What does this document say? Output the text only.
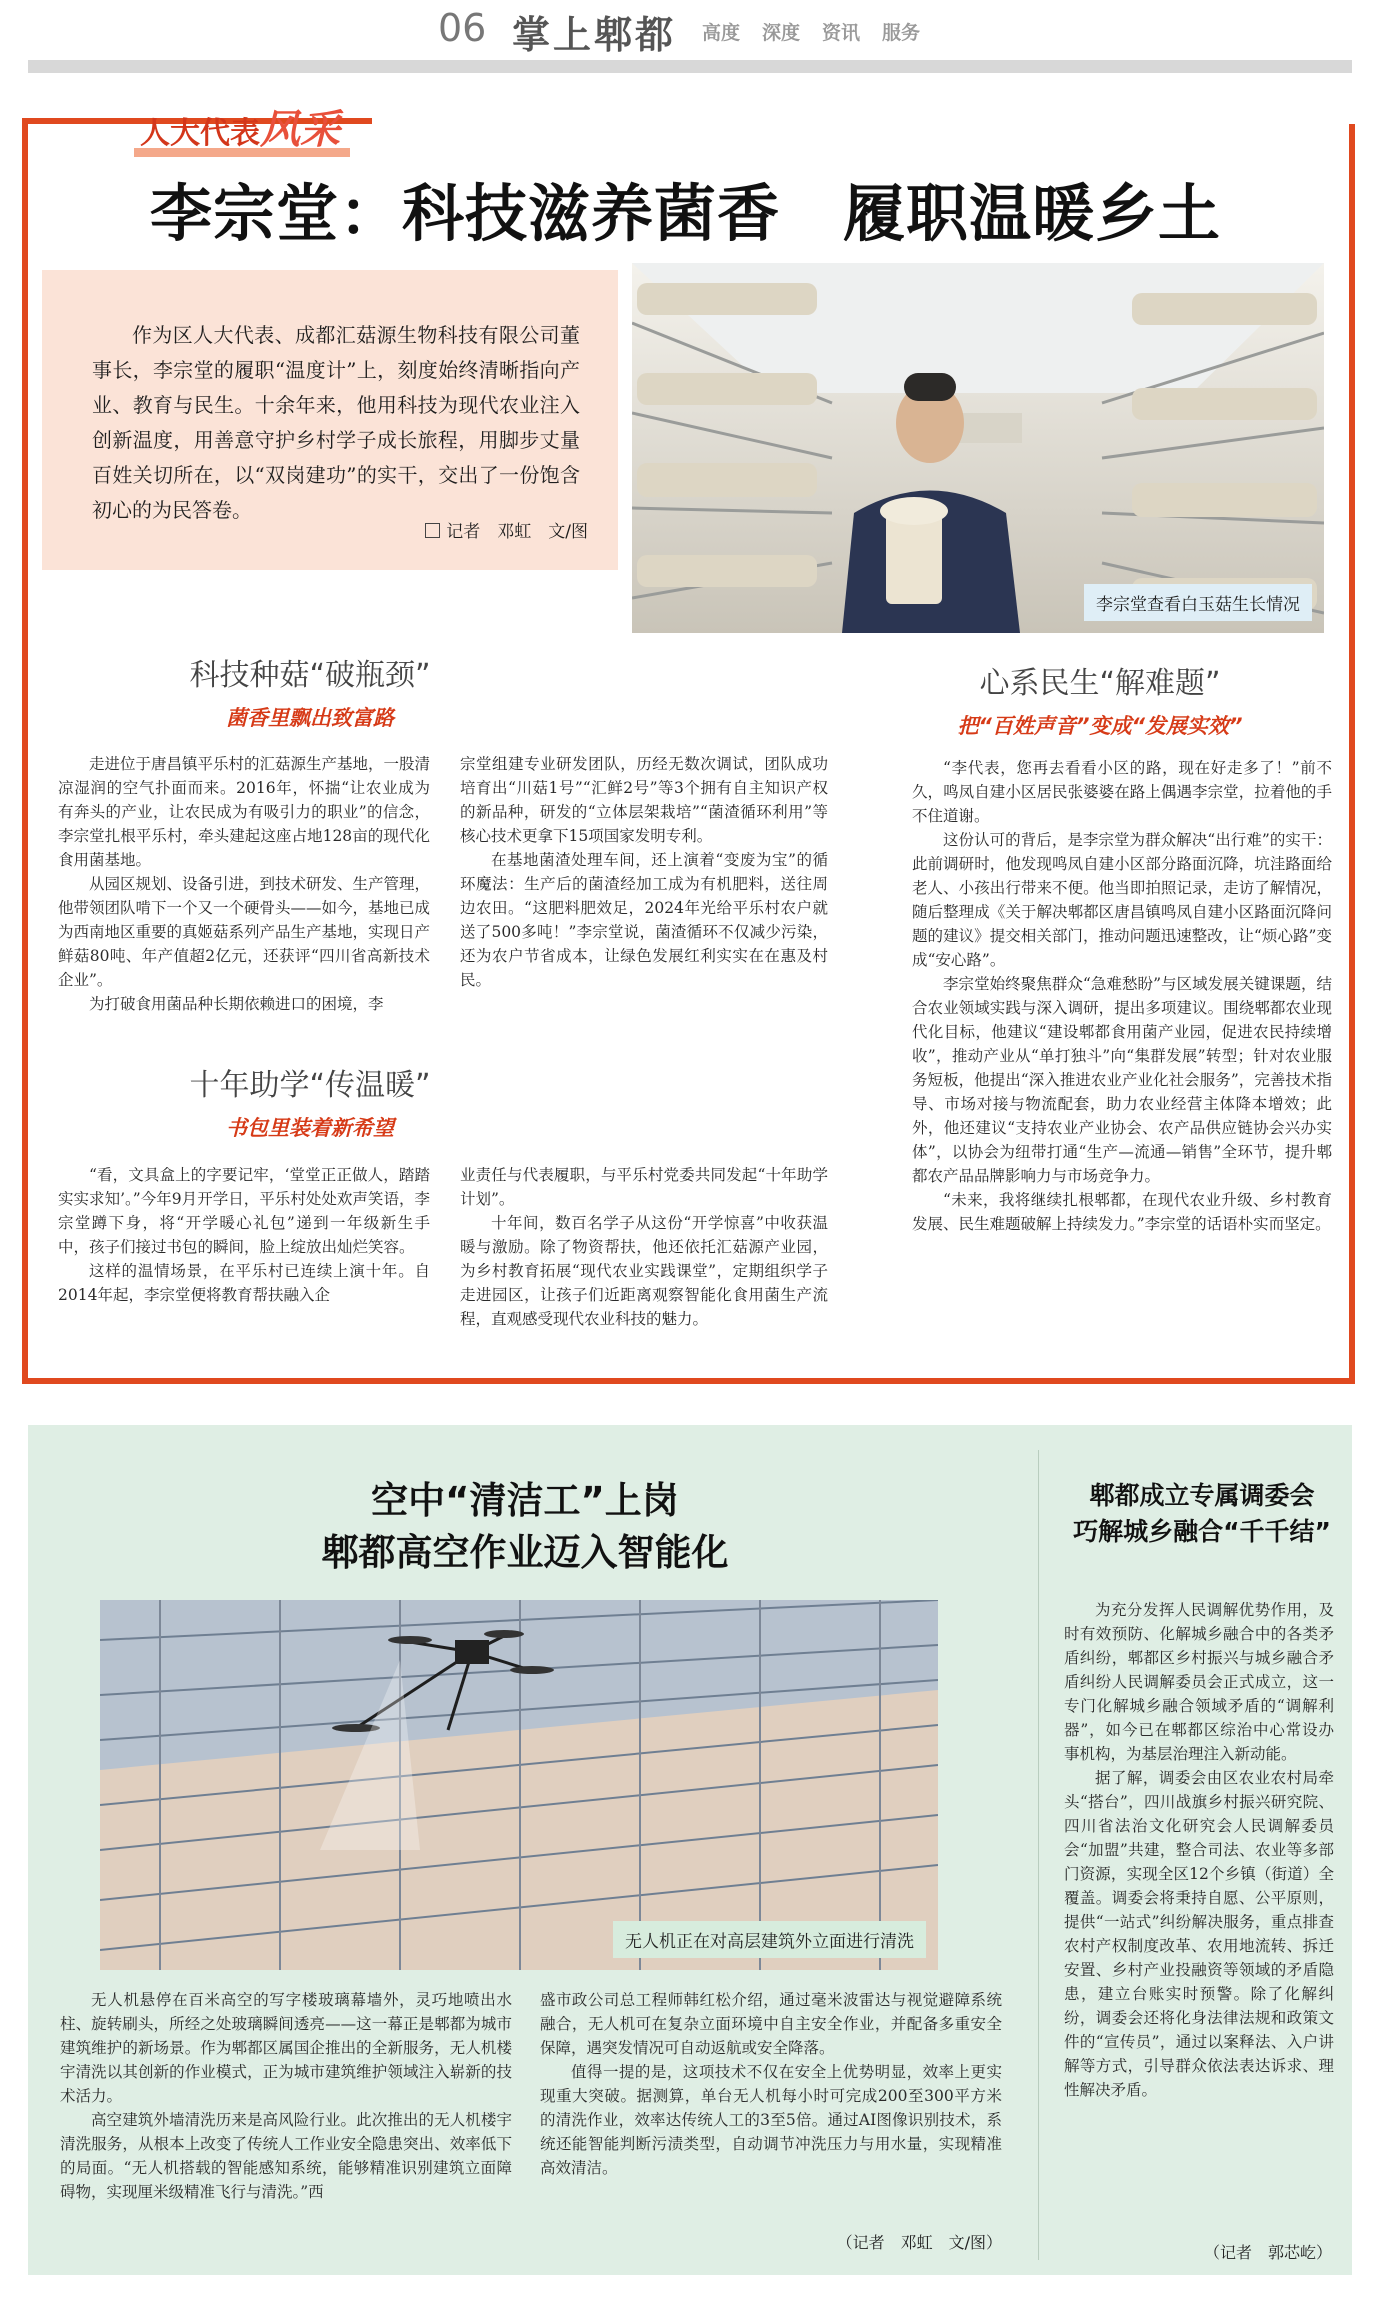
06 掌上郫都 高度 深度 资讯 服务
人大代表风采
李宗堂：科技滋养菌香　履职温暖乡土

作为区人大代表、成都汇菇源生物科技有限公司董事长，李宗堂的履职“温度计”上，刻度始终清晰指向产业、教育与民生。十余年来，他用科技为现代农业注入创新温度，用善意守护乡村学子成长旅程，用脚步丈量百姓关切所在，以“双岗建功”的实干，交出了一份饱含初心的为民答卷。

记者　邓虹　文/图
李宗堂查看白玉菇生长情况
科技种菇“破瓶颈”
菌香里飘出致富路

走进位于唐昌镇平乐村的汇菇源生产基地，一股清凉湿润的空气扑面而来。2016年，怀揣“让农业成为有奔头的产业，让农民成为有吸引力的职业”的信念，李宗堂扎根平乐村，牵头建起这座占地128亩的现代化食用菌基地。

从园区规划、设备引进，到技术研发、生产管理，他带领团队啃下一个又一个硬骨头——如今，基地已成为西南地区重要的真姬菇系列产品生产基地，实现日产鲜菇80吨、年产值超2亿元，还获评“四川省高新技术企业”。

为打破食用菌品种长期依赖进口的困境，李

宗堂组建专业研发团队，历经无数次调试，团队成功培育出“川菇1号”“汇鲜2号”等3个拥有自主知识产权的新品种，研发的“立体层架栽培”“菌渣循环利用”等核心技术更拿下15项国家发明专利。

在基地菌渣处理车间，还上演着“变废为宝”的循环魔法：生产后的菌渣经加工成为有机肥料，送往周边农田。“这肥料肥效足，2024年光给平乐村农户就送了500多吨！”李宗堂说，菌渣循环不仅减少污染，还为农户节省成本，让绿色发展红利实实在在惠及村民。

十年助学“传温暖”
书包里装着新希望

“看，文具盒上的字要记牢，‘堂堂正正做人，踏踏实实求知’。”今年9月开学日，平乐村处处欢声笑语，李宗堂蹲下身，将“开学暖心礼包”递到一年级新生手中，孩子们接过书包的瞬间，脸上绽放出灿烂笑容。

这样的温情场景，在平乐村已连续上演十年。自2014年起，李宗堂便将教育帮扶融入企

业责任与代表履职，与平乐村党委共同发起“十年助学计划”。

十年间，数百名学子从这份“开学惊喜”中收获温暖与激励。除了物资帮扶，他还依托汇菇源产业园，为乡村教育拓展“现代农业实践课堂”，定期组织学子走进园区，让孩子们近距离观察智能化食用菌生产流程，直观感受现代农业科技的魅力。

心系民生“解难题”
把“百姓声音”变成“发展实效”

“李代表，您再去看看小区的路，现在好走多了！”前不久，鸣凤自建小区居民张婆婆在路上偶遇李宗堂，拉着他的手不住道谢。

这份认可的背后，是李宗堂为群众解决“出行难”的实干：此前调研时，他发现鸣凤自建小区部分路面沉降，坑洼路面给老人、小孩出行带来不便。他当即拍照记录，走访了解情况，随后整理成《关于解决郫都区唐昌镇鸣凤自建小区路面沉降问题的建议》提交相关部门，推动问题迅速整改，让“烦心路”变成“安心路”。

李宗堂始终聚焦群众“急难愁盼”与区域发展关键课题，结合农业领域实践与深入调研，提出多项建议。围绕郫都农业现代化目标，他建议“建设郫都食用菌产业园，促进农民持续增收”，推动产业从“单打独斗”向“集群发展”转型；针对农业服务短板，他提出“深入推进农业产业化社会服务”，完善技术指导、市场对接与物流配套，助力农业经营主体降本增效；此外，他还建议“支持农业产业协会、农产品供应链协会兴办实体”，以协会为纽带打通“生产—流通—销售”全环节，提升郫都农产品品牌影响力与市场竞争力。

“未来，我将继续扎根郫都，在现代农业升级、乡村教育发展、民生难题破解上持续发力。”李宗堂的话语朴实而坚定。

空中“清洁工”上岗
郫都高空作业迈入智能化
无人机正在对高层建筑外立面进行清洗

无人机悬停在百米高空的写字楼玻璃幕墙外，灵巧地喷出水柱、旋转刷头，所经之处玻璃瞬间透亮——这一幕正是郫都为城市建筑维护的新场景。作为郫都区属国企推出的全新服务，无人机楼宇清洗以其创新的作业模式，正为城市建筑维护领域注入崭新的技术活力。

高空建筑外墙清洗历来是高风险行业。此次推出的无人机楼宇清洗服务，从根本上改变了传统人工作业安全隐患突出、效率低下的局面。“无人机搭载的智能感知系统，能够精准识别建筑立面障碍物，实现厘米级精准飞行与清洗。”西

盛市政公司总工程师韩红松介绍，通过毫米波雷达与视觉避障系统融合，无人机可在复杂立面环境中自主安全作业，并配备多重安全保障，遇突发情况可自动返航或安全降落。

值得一提的是，这项技术不仅在安全上优势明显，效率上更实现重大突破。据测算，单台无人机每小时可完成200至300平方米的清洗作业，效率达传统人工的3至5倍。通过AI图像识别技术，系统还能智能判断污渍类型，自动调节冲洗压力与用水量，实现精准高效清洁。

（记者　邓虹　文/图）
郫都成立专属调委会
巧解城乡融合“千千结”

为充分发挥人民调解优势作用，及时有效预防、化解城乡融合中的各类矛盾纠纷，郫都区乡村振兴与城乡融合矛盾纠纷人民调解委员会正式成立，这一专门化解城乡融合领域矛盾的“调解利器”，如今已在郫都区综治中心常设办事机构，为基层治理注入新动能。

据了解，调委会由区农业农村局牵头“搭台”，四川战旗乡村振兴研究院、四川省法治文化研究会人民调解委员会“加盟”共建，整合司法、农业等多部门资源，实现全区12个乡镇（街道）全覆盖。调委会将秉持自愿、公平原则，提供“一站式”纠纷解决服务，重点排查农村产权制度改革、农用地流转、拆迁安置、乡村产业投融资等领域的矛盾隐患，建立台账实时预警。除了化解纠纷，调委会还将化身法律法规和政策文件的“宣传员”，通过以案释法、入户讲解等方式，引导群众依法表达诉求、理性解决矛盾。

（记者　郭芯屹）
